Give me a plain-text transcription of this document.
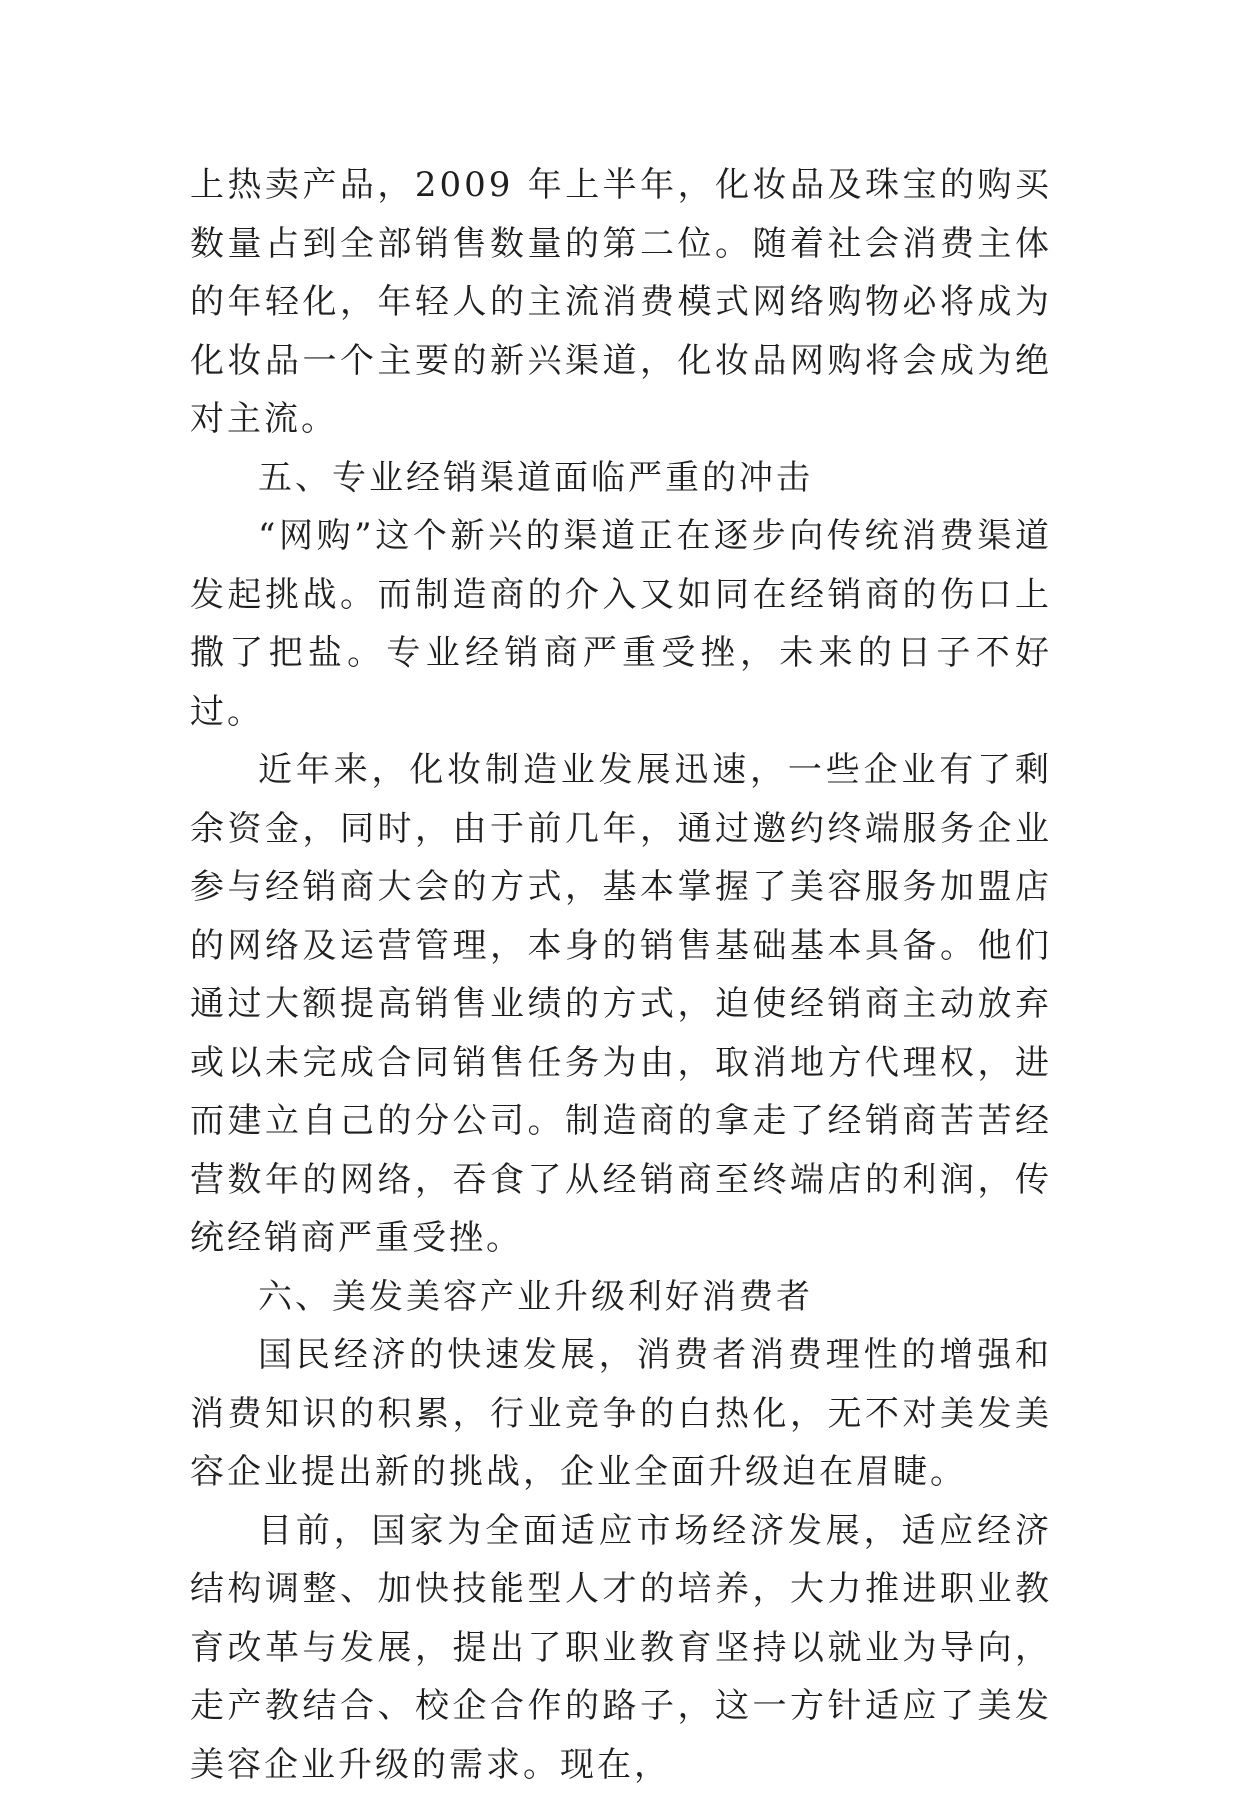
上热卖产品，2009 年上半年，化妆品及珠宝的购买数量占到全部销售数量的第二位。随着社会消费主体的年轻化，年轻人的主流消费模式网络购物必将成为化妆品一个主要的新兴渠道，化妆品网购将会成为绝对主流。

五、专业经销渠道面临严重的冲击

“网购”这个新兴的渠道正在逐步向传统消费渠道发起挑战。而制造商的介入又如同在经销商的伤口上撒了把盐。专业经销商严重受挫，未来的日子不好过。

近年来，化妆制造业发展迅速，一些企业有了剩余资金，同时，由于前几年，通过邀约终端服务企业参与经销商大会的方式，基本掌握了美容服务加盟店的网络及运营管理，本身的销售基础基本具备。他们通过大额提高销售业绩的方式，迫使经销商主动放弃或以未完成合同销售任务为由，取消地方代理权，进而建立自己的分公司。制造商的拿走了经销商苦苦经营数年的网络，吞食了从经销商至终端店的利润，传统经销商严重受挫。

六、美发美容产业升级利好消费者

国民经济的快速发展，消费者消费理性的增强和消费知识的积累，行业竞争的白热化，无不对美发美容企业提出新的挑战，企业全面升级迫在眉睫。

目前，国家为全面适应市场经济发展，适应经济结构调整、加快技能型人才的培养，大力推进职业教育改革与发展，提出了职业教育坚持以就业为导向，走产教结合、校企合作的路子，这一方针适应了美发美容企业升级的需求。现在，
